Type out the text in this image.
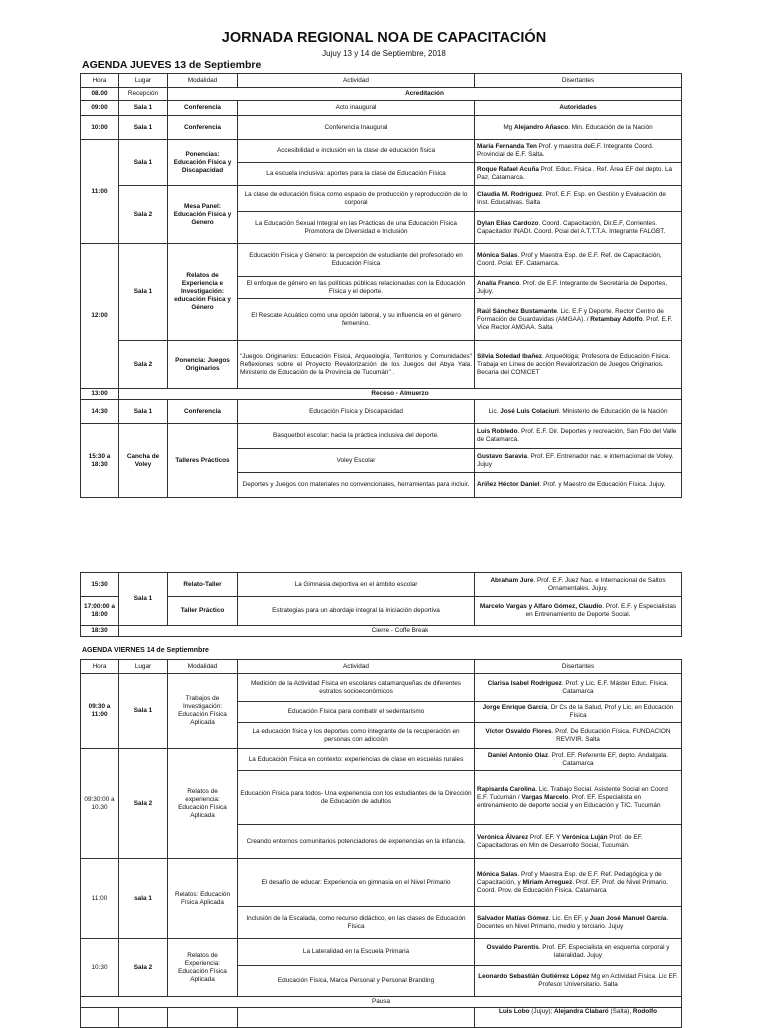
JORNADA REGIONAL NOA DE CAPACITACIÓN
Jujuy 13 y 14 de Septiembre, 2018
AGENDA JUEVES 13 de Septiembre
Hora	Lugar	Modalidad	Actividad	Disertantes
08.00	Recepción	Acreditación		
09:00	Sala 1	Conferencia	Acto inaugural	Autoridades
10:00	Sala 1	Conferencia	Conferencia Inaugural	Mg Alejandro Añasco. Min. Educación de la Nación
11:00	Sala 1	Ponencias: Educación Física y Discapacidad	Accesibilidad e inclusión en la clase de educación física	María Fernanda Ten Prof. y maestra deE.F. Integrante Coord. Provincial de E.F. Salta.
			La escuela inclusiva: aportes para la clase de Educación Física	Roque Rafael Acuña Prof. Educ. Física . Ref. Área EF del depto. La Paz, Catamarca.
	Sala 2	Mesa Panel: Educación Física y Genero	La clase de educación física como espacio de producción y reproducción de lo corporal	Claudia M. Rodríguez. Prof. E.F. Esp. en Gestión y Evaluación de Inst. Educativas. Salta
			La Educación Sexual Integral en las Prácticas de una Educación Física Promotora de Diversidad e Inclusión	Dylan Elías Cardozo. Coord. Capacitación, Dir.E.F, Corrientes. Capacitador INADI. Coord. Pcial del A.T.T.T.A. Integrante FALGBT.
12:00	Sala 1	Relatos de Experiencia e Investigación: educación Física y Género	Educación Física y Género: la percepción de estudiante del profesorado en Educación Física	Mónica Salas. Prof y Maestra Esp. de E.F. Ref. de Capacitación, Coord. Pcial. EF. Catamarca.
			El enfoque de género en las políticas públicas relacionadas con la Educación Física y el deporte.	Analía Franco. Prof. de E.F. Integrante de Secretaría de Deportes, Jujuy.
			El Rescate Acuático como una opción laboral, y su influencia en el género femenino.	Raúl Sánchez Bustamante. Lic. E.F y Deporte. Rector Centro de Formación de Guardavidas (AMGAA). / Retambay Adolfo. Prof. E.F. Vice Rector AMGAA. Salta
	Sala 2	Ponencia: Juegos Originarios	"Juegos Originarios: Educación Física, Arqueología, Territorios y Comunidades" Reflexiones sobre el Proyecto Revalorización de los Juegos del Abya Yala. Ministerio de Educación de la Provincia de Tucumán" .	Silvia Soledad Ibañez. Arqueóloga; Profesora de Educación Física. Trabaja en Línea de acción Revalorización de Juegos Originarios. Becaria del CONICET
13:00	Receso - Almuerzo			
14:30	Sala 1	Conferencia	Educación Física y Discapacidad	Lic. José Luis Colaciuri. Ministerio de Educación de la Nación
15:30 a 18:30	Cancha de Voley	Talleres Prácticos	Basquetbol escolar: hacia la práctica inclusiva del deporte.	Luis Robledo. Prof. E.F. Dir. Deportes y recreación, San Fdo del Valle de Catamarca.
			Voley Escolar	Gustavo Saravia. Prof. EF. Entrenador nac. e internacional de Voley. Jujuy
			Deportes y Juegos con materiales no convencionales, herramientas para incluir.	Ariñez Héctor Daniel. Prof. y Maestro de Educación Física. Jujuy.
15:30	Sala 1	Relato-Taller	La Gimnasia deportiva en el ámbito escolar	Abraham Jure. Prof. E.F. Juez Nac. e Internacional de Saltos Ornamentales. Jujuy.
17:00:00 a 18:00		Taller Práctico	Estrategias para un abordaje integral la iniciación deportiva	Marcelo Vargas y Alfaro Gómez, Claudio. Prof. E.F. y Especialistas en Entrenamiento de Deporte Social.
18:30	Cierre - Coffe Break			
AGENDA VIERNES 14 de Septiemnbre
Hora	Lugar	Modalidad	Actividad	Disertantes
09:30 a 11:00	Sala 1	Trabajos de Investigación: Educación Física Aplicada	Medición de la Actividad Física en escolares catamarqueñas de diferentes estratos socioeconómicos	Clarisa Isabel Rodríguez. Prof. y Lic. E.F. Máster Educ. Física. Catamarca
			Educación Física para combatir el sedentarismo	Jorge Enrique García. Dr Cs de la Salud, Prof y Lic. en Educación Física
			La educación física y los deportes como integrante de la recuperación en personas con adicción	Víctor Osvaldo Flores. Prof. De Educación Física. FUNDACION REVIVIR. Salta
09:30:00 a 10.30	Sala 2	Relatos de experiencia: Educación Física Aplicada	La Educación Física en contexto: experiencias de clase en escuelas rurales	Daniel Antonio Olaz. Prof. EF. Referente EF, depto. Andalgala. Catamarca
			Educación Física para todos- Una experiencia con los estudiantes de la Dirección de Educación de adultos	Rapisarda Carolina. Lic. Trabajo Social. Asistente Social en Coord E.F. Tucumán / Vargas Marcelo. Prof. EF. Especialista en entrenamiento de deporte social y en Educación y TIC. Tucumán
			Creando entornos comunitarios potenciadores de experiencias en la infancia.	Verónica Álvarez Prof. EF. Y Verónica Luján Prof. de EF. Capacitadoras en Min de Desarrollo Social, Tucumán.
11:00	sala 1	Relatos: Educación Física Aplicada	El desafío de educar: Experiencia en gimnasia en el Nivel Primario	Mónica Salas. Prof y Maestra Esp. de E.F. Ref. Pedagógica y de Capacitación, y Miriam Arreguez. Prof. EF. Prof. de Nivel Primario. Coord. Prov. de Educación Física. Catamarca
			Inclusión de la Escalada, como recurso didáctico, en las clases de Educación Física	Salvador Matías Gómez. Lic. En EF, y Juan José Manuel García. Docentes en Nivel Primario, medio y terciario. Jujuy
10:30	Sala 2	Relatos de Experiencia: Educación Física Aplicada	La Lateralidad en la Escuela Primaria	Osvaldo Parentis. Prof. EF. Especialista en esquema corporal y lateralidad. Jujuy
			Educación Física, Marca Personal y Personal Branding	Leonardo Sebastián Gutiérrez López Mg en Actividad Física. Lic EF. Profesor Universitario. Salta
Pausa				
				Luis Lobo (Jujuy); Alejandra Clabaró (Salta), Rodolfo
